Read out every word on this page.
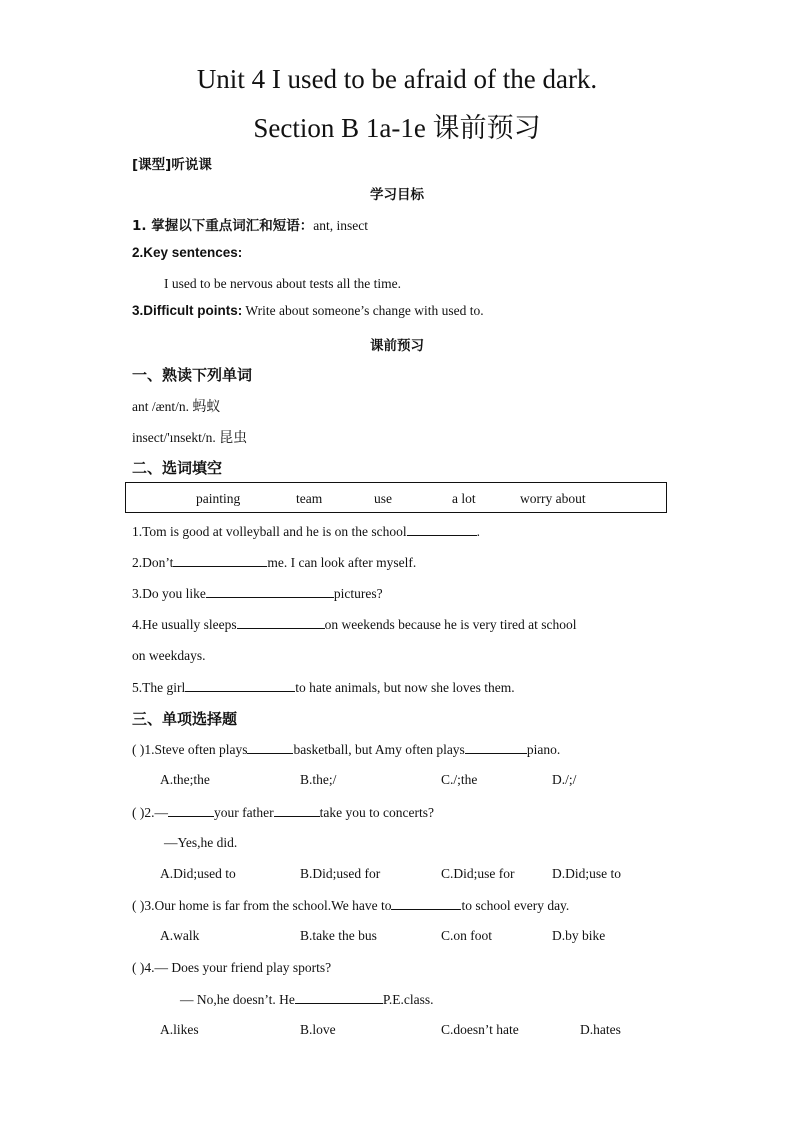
Unit 4 I used to be afraid of the dark.
Section B 1a-1e 课前预习
[课型]听说课
学习目标
1. 掌握以下重点词汇和短语：ant, insect
2.Key sentences:
I used to be nervous about tests all the time.
3.Difficult points: Write about someone’s change with used to.
课前预习
一、熟读下列单词
ant /ænt/n. 蚂蚁
insect/'ınsekt/n. 昆虫
二、选词填空
painting	team	use	a lot	worry about
1.Tom is good at volleyball and he is on the school	.
2.Don’t	me. I can look after myself.
3.Do you like	pictures?
4.He usually sleeps	on weekends because he is very tired at school
on weekdays.
5.The girl	to hate animals, but now she loves them.
三、单项选择题
( )1.Steve often plays	basketball, but Amy often plays	piano.
A.the;the	B.the;/	C./;the	D./;/
( )2.—	your father	take you to concerts?
—Yes,he did.
A.Did;used to	B.Did;used for	C.Did;use for	D.Did;use to
( )3.Our home is far from the school.We have to	to school every day.
A.walk	B.take the bus	C.on foot	D.by bike
( )4.— Does your friend play sports?
— No,he doesn’t. He	P.E.class.
A.likes	B.love	C.doesn’t hate	D.hates
